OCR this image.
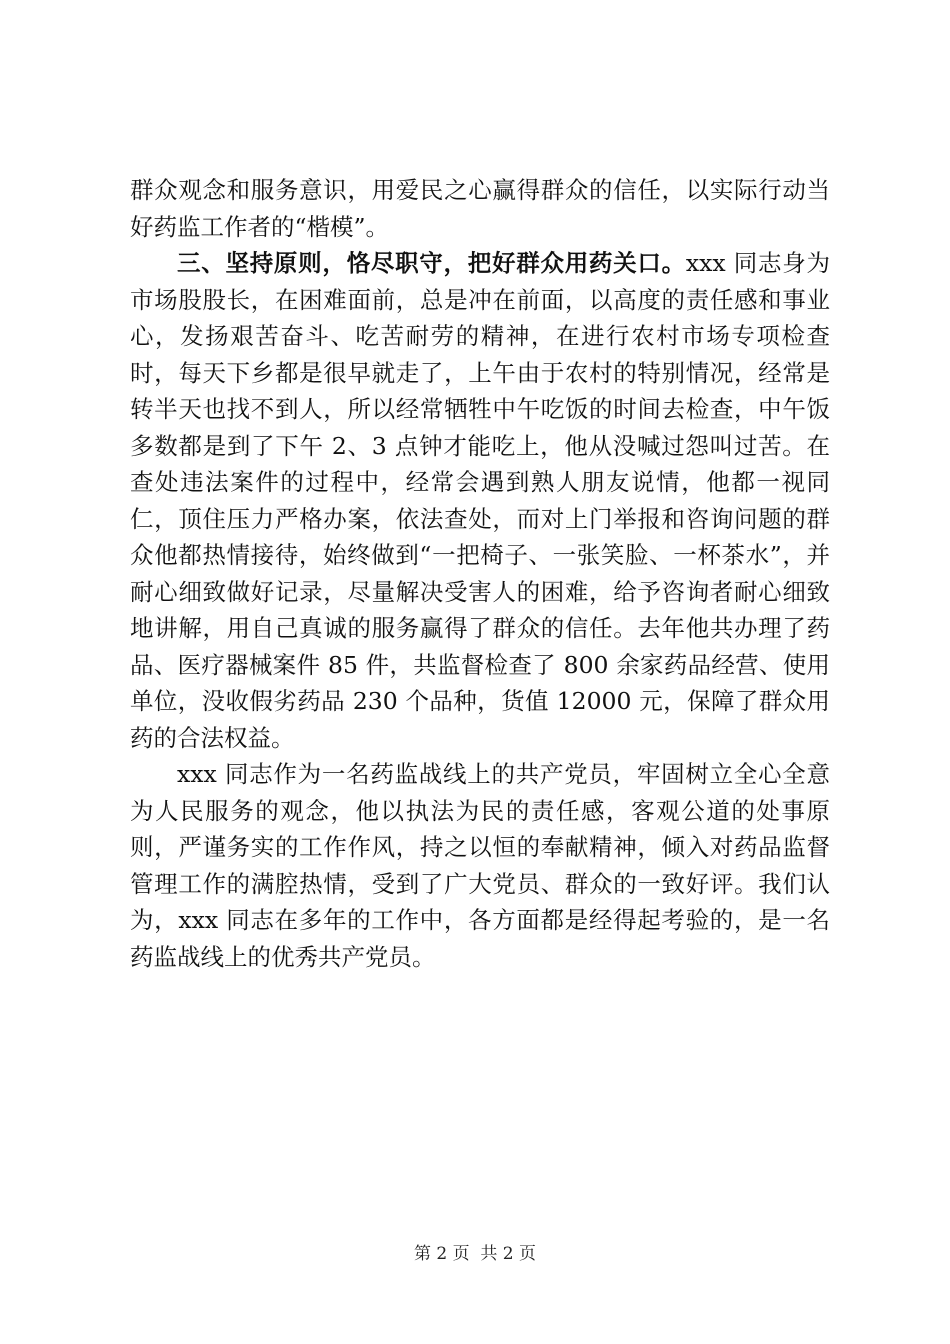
群众观念和服务意识，用爱民之心赢得群众的信任，以实际行动当好药监工作者的“楷模”。

三、坚持原则，恪尽职守，把好群众用药关口。xxx 同志身为市场股股长，在困难面前，总是冲在前面，以高度的责任感和事业心，发扬艰苦奋斗、吃苦耐劳的精神，在进行农村市场专项检查时，每天下乡都是很早就走了，上午由于农村的特别情况，经常是转半天也找不到人，所以经常牺牲中午吃饭的时间去检查，中午饭多数都是到了下午 2、3 点钟才能吃上，他从没喊过怨叫过苦。在查处违法案件的过程中，经常会遇到熟人朋友说情，他都一视同仁，顶住压力严格办案，依法查处，而对上门举报和咨询问题的群众他都热情接待，始终做到“一把椅子、一张笑脸、一杯茶水”，并耐心细致做好记录，尽量解决受害人的困难，给予咨询者耐心细致地讲解，用自己真诚的服务赢得了群众的信任。去年他共办理了药品、医疗器械案件 85 件，共监督检查了 800 余家药品经营、使用单位，没收假劣药品 230 个品种，货值 12000 元，保障了群众用药的合法权益。

xxx 同志作为一名药监战线上的共产党员，牢固树立全心全意为人民服务的观念，他以执法为民的责任感，客观公道的处事原则，严谨务实的工作作风，持之以恒的奉献精神，倾入对药品监督管理工作的满腔热情，受到了广大党员、群众的一致好评。我们认为，xxx 同志在多年的工作中，各方面都是经得起考验的，是一名药监战线上的优秀共产党员。

第 2 页  共 2 页
